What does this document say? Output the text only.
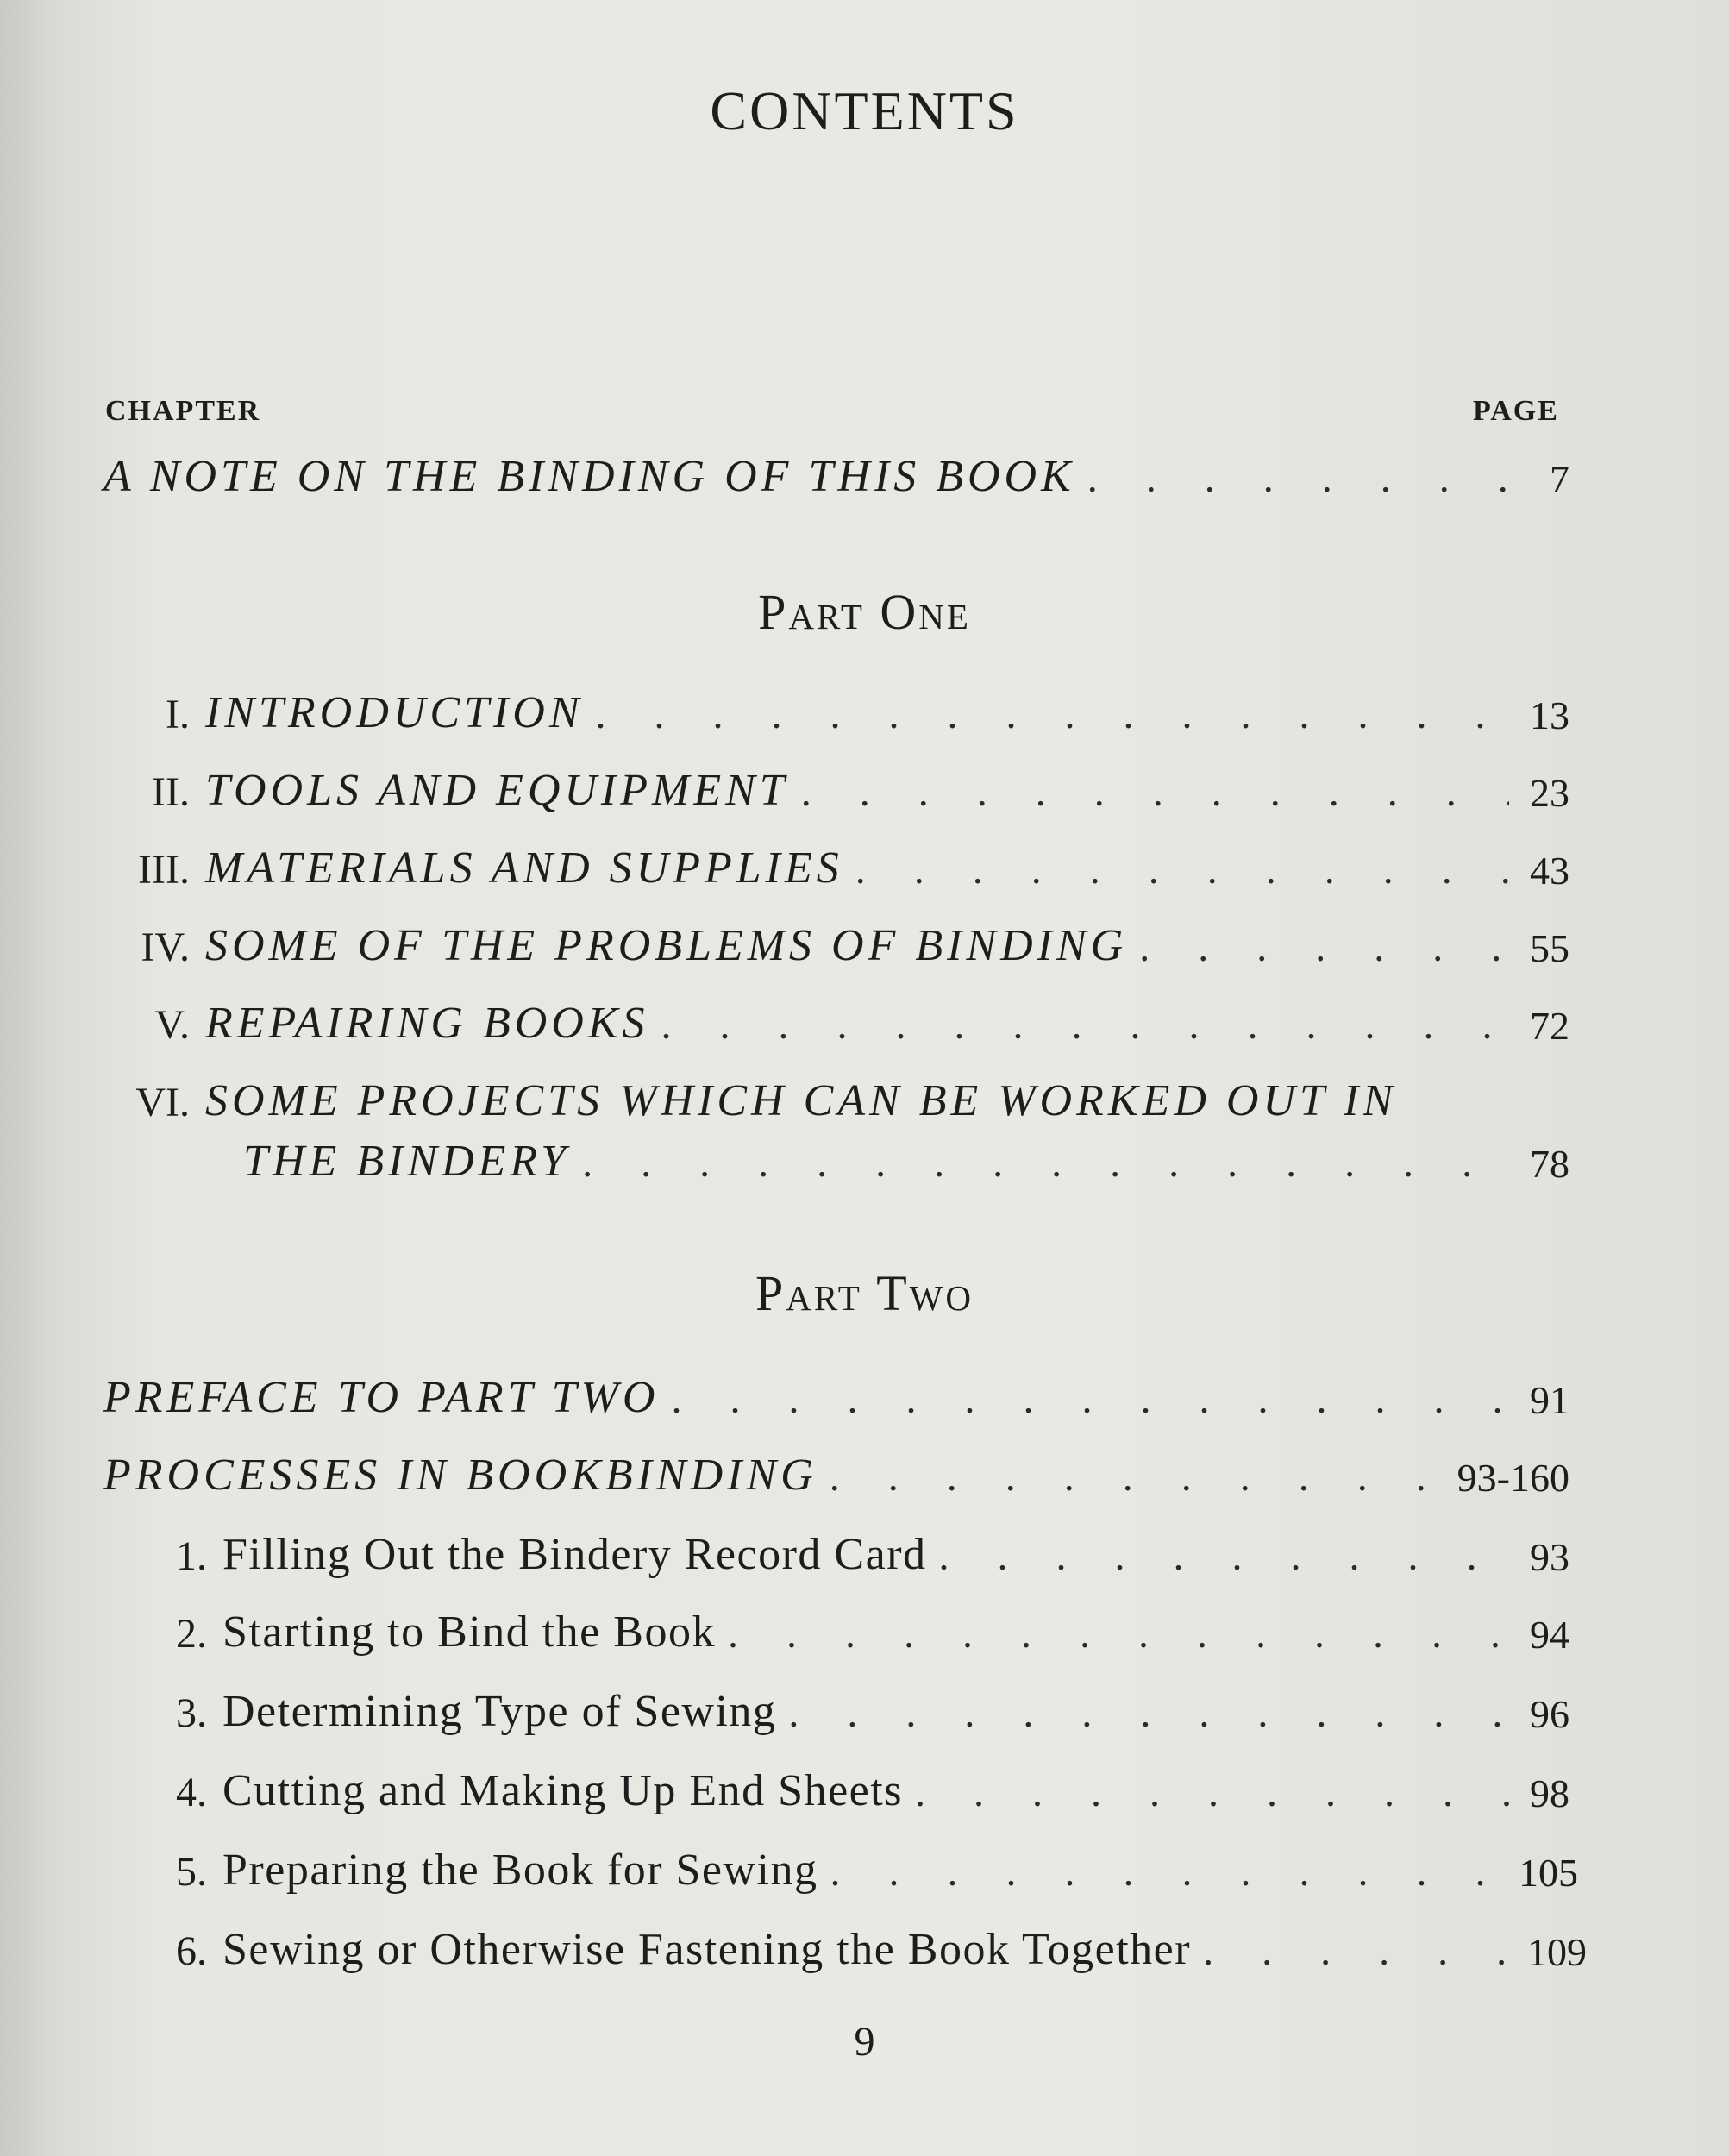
CONTENTS
CHAPTER	PAGE
A NOTE ON THE BINDING OF THIS BOOK . . .	7
Part One
I. INTRODUCTION . . .	13
II. TOOLS AND EQUIPMENT . . .	23
III. MATERIALS AND SUPPLIES . . .	43
IV. SOME OF THE PROBLEMS OF BINDING . . .	55
V. REPAIRING BOOKS . . .	72
VI. SOME PROJECTS WHICH CAN BE WORKED OUT IN
THE BINDERY . . .	78
Part Two
PREFACE TO PART TWO . . .	91
PROCESSES IN BOOKBINDING . . .	93-160
1. Filling Out the Bindery Record Card . . .	93
2. Starting to Bind the Book . . .	94
3. Determining Type of Sewing . . .	96
4. Cutting and Making Up End Sheets . . .	98
5. Preparing the Book for Sewing . . .	105
6. Sewing or Otherwise Fastening the Book Together . . .	109
9
